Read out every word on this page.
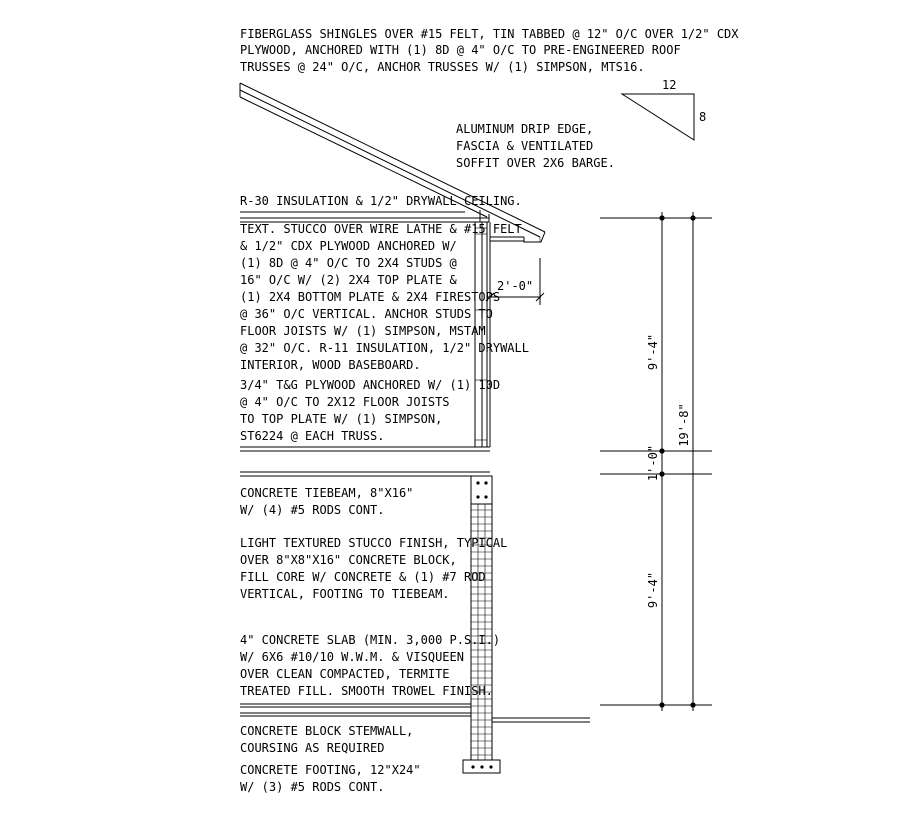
FIBERGLASS SHINGLES OVER #15 FELT, TIN TABBED @ 12" O/C OVER 1/2" CDX
PLYWOOD, ANCHORED WITH (1) 8D @ 4" O/C TO PRE-ENGINEERED ROOF
TRUSSES @ 24" O/C, ANCHOR TRUSSES W/ (1) SIMPSON, MTS16.
12
8
ALUMINUM DRIP EDGE,
FASCIA & VENTILATED
SOFFIT OVER 2X6 BARGE.
R-30 INSULATION & 1/2" DRYWALL CEILING.
TEXT. STUCCO OVER WIRE LATHE & #15 FELT
& 1/2" CDX PLYWOOD ANCHORED W/
(1) 8D @ 4" O/C TO 2X4 STUDS @
16" O/C W/ (2) 2X4 TOP PLATE &
(1) 2X4 BOTTOM PLATE & 2X4 FIRESTOPS
@ 36" O/C VERTICAL. ANCHOR STUDS TO
FLOOR JOISTS W/ (1) SIMPSON, MSTAM
@ 32" O/C. R-11 INSULATION, 1/2" DRYWALL
INTERIOR, WOOD BASEBOARD.
3/4" T&G PLYWOOD ANCHORED W/ (1) 10D
@ 4" O/C TO 2X12 FLOOR JOISTS
TO TOP PLATE W/ (1) SIMPSON,
ST6224 @ EACH TRUSS.
2'-0"
CONCRETE TIEBEAM, 8"X16"
W/ (4) #5 RODS CONT.
LIGHT TEXTURED STUCCO FINISH, TYPICAL
OVER 8"X8"X16" CONCRETE BLOCK,
FILL CORE W/ CONCRETE & (1) #7 ROD
VERTICAL, FOOTING TO TIEBEAM.
4" CONCRETE SLAB (MIN. 3,000 P.S.I.)
W/ 6X6 #10/10 W.W.M. & VISQUEEN
OVER CLEAN COMPACTED, TERMITE
TREATED FILL. SMOOTH TROWEL FINISH.
CONCRETE BLOCK STEMWALL,
COURSING AS REQUIRED
CONCRETE FOOTING, 12"X24"
W/ (3) #5 RODS CONT.
9'-4"
1'-0"
9'-4"
19'-8"
